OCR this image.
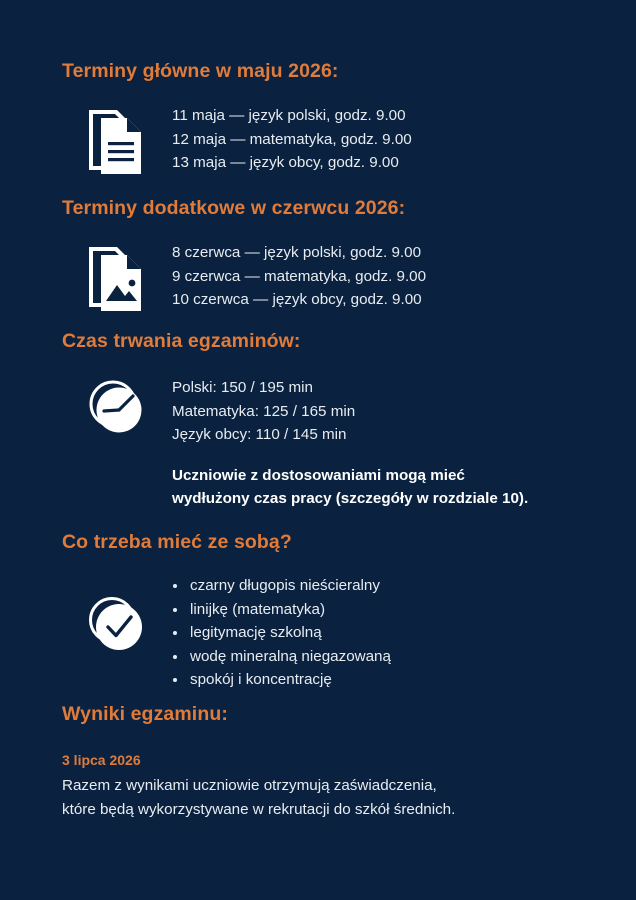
Terminy główne w maju 2026:
11 maja — język polski, godz. 9.00
12 maja — matematyka, godz. 9.00
13 maja — język obcy, godz. 9.00
Terminy dodatkowe w czerwcu 2026:
8 czerwca — język polski, godz. 9.00
9 czerwca — matematyka, godz. 9.00
10 czerwca — język obcy, godz. 9.00
Czas trwania egzaminów:
Polski: 150 / 195 min
Matematyka: 125 / 165 min
Język obcy: 110 / 145 min
Uczniowie z dostosowaniami mogą mieć
wydłużony czas pracy (szczegóły w rozdziale 10).
Co trzeba mieć ze sobą?
czarny długopis nieścieralny
linijkę (matematyka)
legitymację szkolną
wodę mineralną niegazowaną
spokój i koncentrację
Wyniki egzaminu:
3 lipca 2026
Razem z wynikami uczniowie otrzymują zaświadczenia,
które będą wykorzystywane w rekrutacji do szkół średnich.
